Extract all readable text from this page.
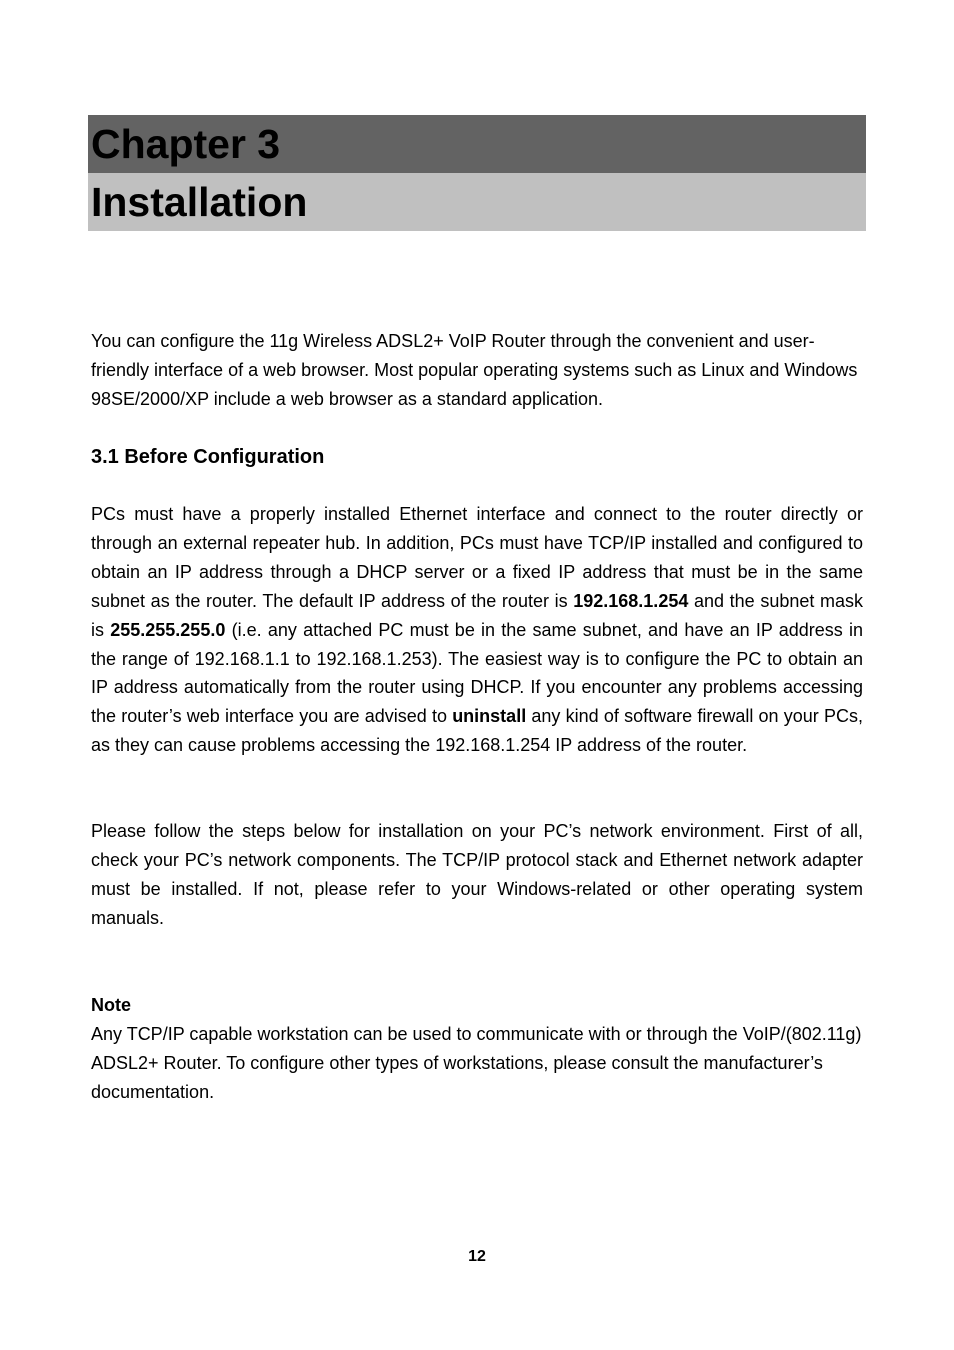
Chapter 3
Installation

You can configure the 11g Wireless ADSL2+ VoIP Router through the convenient and user-friendly interface of a web browser. Most popular operating systems such as Linux and Windows 98SE/2000/XP include a web browser as a standard application.

3.1 Before Configuration

PCs must have a properly installed Ethernet interface and connect to the router directly or through an external repeater hub. In addition, PCs must have TCP/IP installed and configured to obtain an IP address through a DHCP server or a fixed IP address that must be in the same subnet as the router. The default IP address of the router is 192.168.1.254 and the subnet mask is 255.255.255.0 (i.e. any attached PC must be in the same subnet, and have an IP address in the range of 192.168.1.1 to 192.168.1.253). The easiest way is to configure the PC to obtain an IP address automatically from the router using DHCP. If you encounter any problems accessing the router’s web interface you are advised to uninstall any kind of software firewall on your PCs, as they can cause problems accessing the 192.168.1.254 IP address of the router.

Please follow the steps below for installation on your PC’s network environment. First of all, check your PC’s network components. The TCP/IP protocol stack and Ethernet network adapter must be installed. If not, please refer to your Windows-related or other operating system manuals.

Note

Any TCP/IP capable workstation can be used to communicate with or through the VoIP/(802.11g) ADSL2+ Router. To configure other types of workstations, please consult the manufacturer’s documentation.

12
